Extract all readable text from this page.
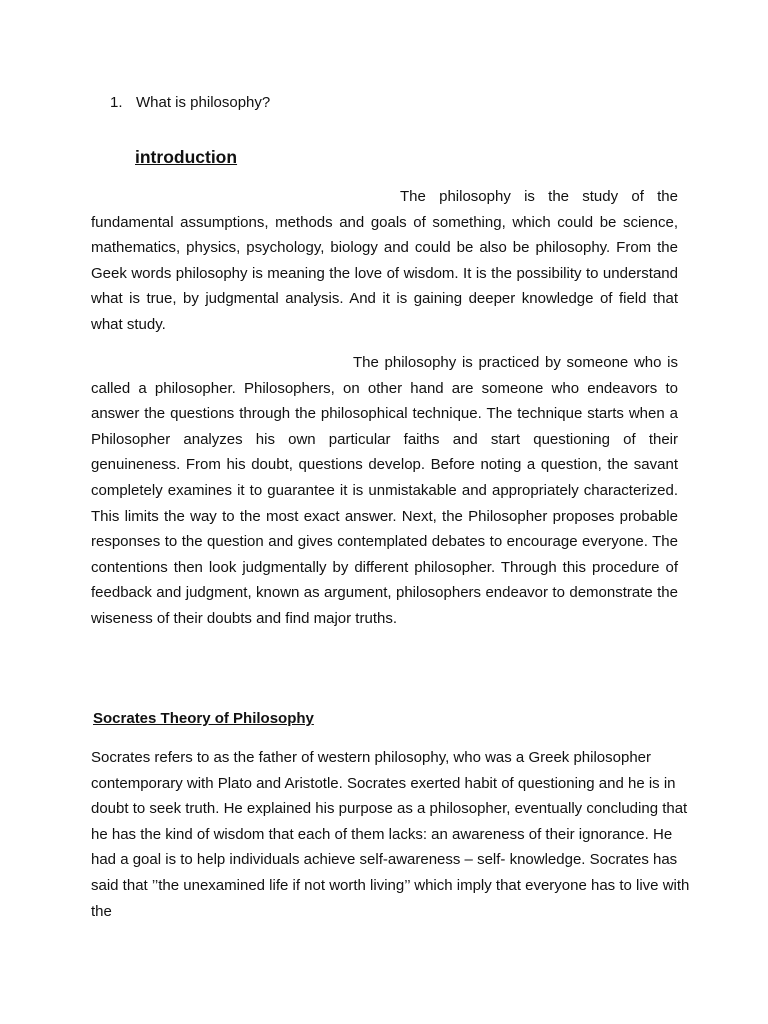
1. What is philosophy?
introduction

The philosophy is the study of the fundamental assumptions, methods and goals of something, which could be science, mathematics, physics, psychology, biology and could be also be philosophy. From the Geek words philosophy is meaning the love of wisdom. It is the possibility to understand what is true, by judgmental analysis. And it is gaining deeper knowledge of field that what study.

The philosophy is practiced by someone who is called a philosopher. Philosophers, on other hand are someone who endeavors to answer the questions through the philosophical technique. The technique starts when a Philosopher analyzes his own particular faiths and start questioning of their genuineness. From his doubt, questions develop. Before noting a question, the savant completely examines it to guarantee it is unmistakable and appropriately characterized. This limits the way to the most exact answer. Next, the Philosopher proposes probable responses to the question and gives contemplated debates to encourage everyone. The contentions then look judgmentally by different philosopher. Through this procedure of feedback and judgment, known as argument, philosophers endeavor to demonstrate the wiseness of their doubts and find major truths.

Socrates Theory of Philosophy

Socrates refers to as the father of western philosophy, who was a Greek philosopher contemporary with Plato and Aristotle. Socrates exerted habit of questioning and he is in doubt to seek truth. He explained his purpose as a philosopher, eventually concluding that he has the kind of wisdom that each of them lacks: an awareness of their ignorance. He had a goal is to help individuals achieve self-awareness – self- knowledge. Socrates has said that ’’the unexamined life if not worth living’’ which imply that everyone has to live with the
